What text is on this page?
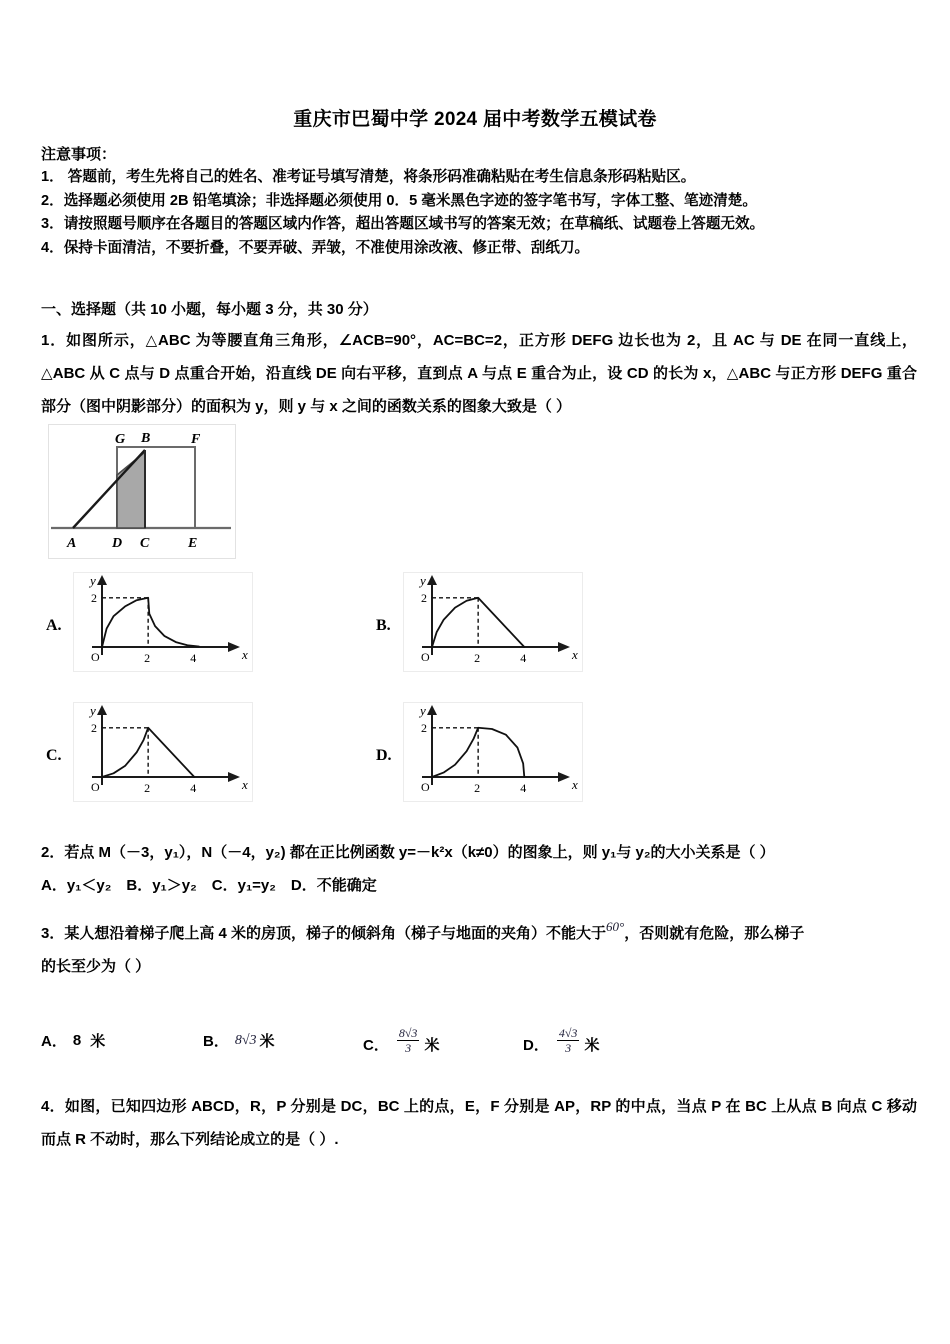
重庆市巴蜀中学 2024 届中考数学五模试卷
注意事项：
1． 答题前，考生先将自己的姓名、准考证号填写清楚，将条形码准确粘贴在考生信息条形码粘贴区。
2．选择题必须使用 2B 铅笔填涂；非选择题必须使用 0．5 毫米黑色字迹的签字笔书写，字体工整、笔迹清楚。
3．请按照题号顺序在各题目的答题区域内作答，超出答题区域书写的答案无效；在草稿纸、试题卷上答题无效。
4．保持卡面清洁，不要折叠，不要弄破、弄皱，不准使用涂改液、修正带、刮纸刀。
一、选择题（共 10 小题，每小题 3 分，共 30 分）
1．如图所示，△ABC 为等腰直角三角形，∠ACB=90°，AC=BC=2，正方形 DEFG 边长也为 2，且 AC 与 DE 在同一直线上，△ABC 从 C 点与 D 点重合开始，沿直线 DE 向右平移，直到点 A 与点 E 重合为止，设 CD 的长为 x，△ABC 与正方形 DEFG 重合部分（图中阴影部分）的面积为 y，则 y 与 x 之间的函数关系的图象大致是（ ）
G B	F
A	D C	E
A.	B.
C.	D.
x
y
O	2	4
2
x
y
O	2	4
2
x
y
O	2	4
2
x
y
O	2	4
2
2．若点 M（－3，y₁），N（－4，y₂) 都在正比例函数 y=－k²x（k≠0）的图象上，则 y₁与 y₂的大小关系是（ ）
A．y₁＜y₂　B．y₁＞y₂　C．y₁=y₂　D．不能确定
3．某人想沿着梯子爬上高 4 米的房顶，梯子的倾斜角（梯子与地面的夹角）不能大于60°，否则就有危险，那么梯子
的长至少为（ ）
A． 8 米	B． 8√3 米	C． $\frac{8√3}{3}$ 米	D． $\frac{4√3}{3}$ 米
4．如图，已知四边形 ABCD，R，P 分别是 DC，BC 上的点，E，F 分别是 AP，RP 的中点，当点 P 在 BC 上从点 B 向点 C 移动而点 R 不动时，那么下列结论成立的是（ ）.
